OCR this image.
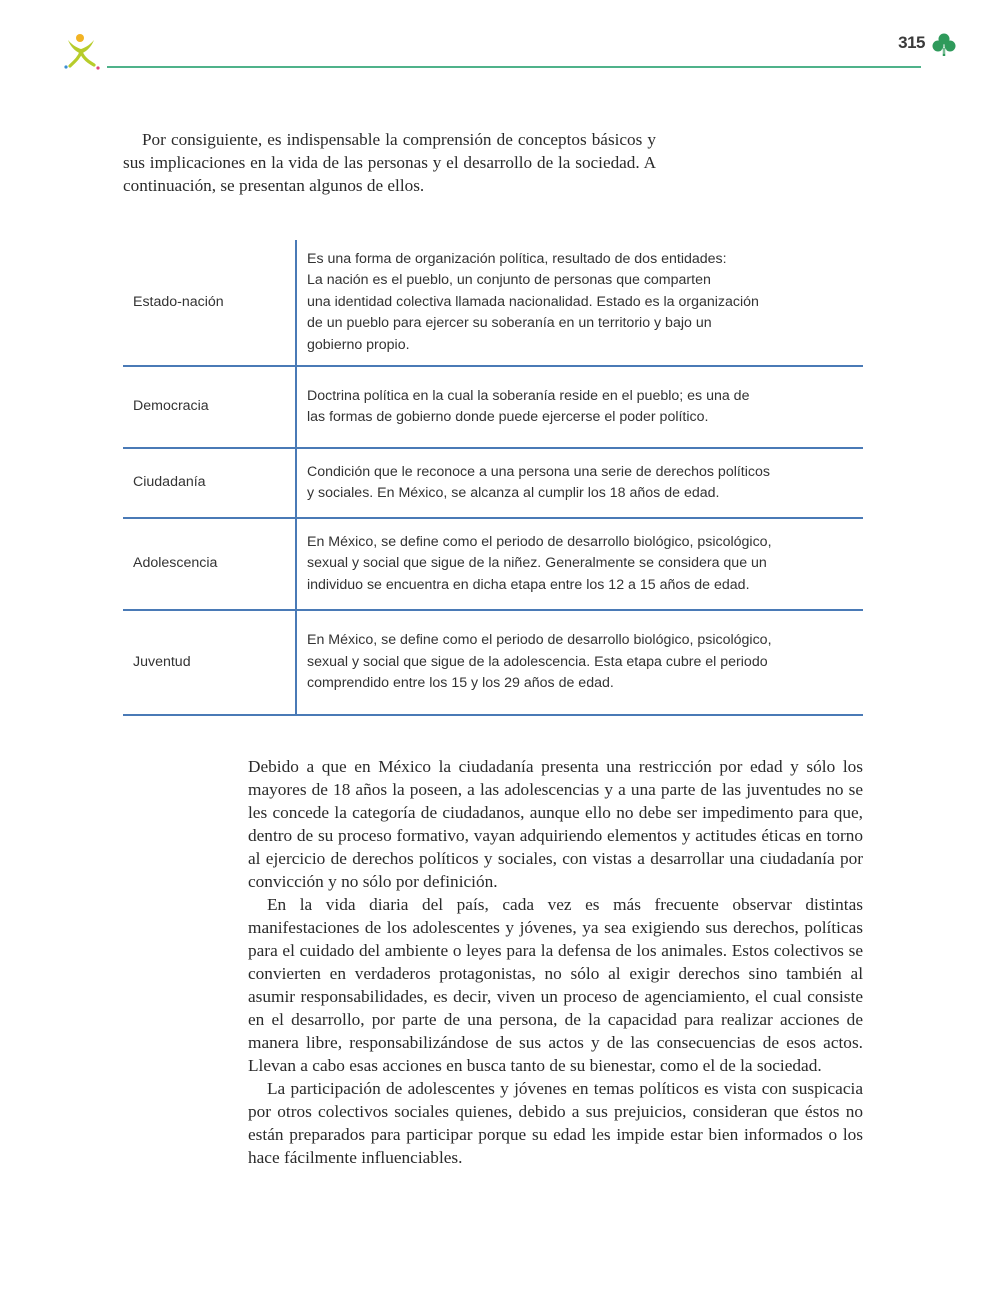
315

Por consiguiente, es indispensable la comprensión de conceptos básicos y sus implicaciones en la vida de las personas y el desarrollo de la sociedad. A continuación, se presentan algunos de ellos.

Estado-nación	Es una forma de organización política, resultado de dos entidades:
La nación es el pueblo, un conjunto de personas que comparten
una identidad colectiva llamada nacionalidad. Estado es la organización
de un pueblo para ejercer su soberanía en un territorio y bajo un
gobierno propio.

Democracia	Doctrina política en la cual la soberanía reside en el pueblo; es una de
las formas de gobierno donde puede ejercerse el poder político.

Ciudadanía	Condición que le reconoce a una persona una serie de derechos políticos
y sociales. En México, se alcanza al cumplir los 18 años de edad.

Adolescencia	En México, se define como el periodo de desarrollo biológico, psicológico,
sexual y social que sigue de la niñez. Generalmente se considera que un
individuo se encuentra en dicha etapa entre los 12 a 15 años de edad.

Juventud	En México, se define como el periodo de desarrollo biológico, psicológico,
sexual y social que sigue de la adolescencia. Esta etapa cubre el periodo
comprendido entre los 15 y los 29 años de edad.

Debido a que en México la ciudadanía presenta una restricción por edad y sólo los mayores de 18 años la poseen, a las adolescencias y a una parte de las juventudes no se les concede la categoría de ciudadanos, aunque ello no debe ser impedimento para que, dentro de su proceso formativo, vayan adquiriendo elementos y actitudes éticas en torno al ejercicio de derechos políticos y sociales, con vistas a desarrollar una ciudadanía por convicción y no sólo por definición.

En la vida diaria del país, cada vez es más frecuente observar distintas manifestaciones de los adolescentes y jóvenes, ya sea exigiendo sus derechos, políticas para el cuidado del ambiente o leyes para la defensa de los animales. Estos colectivos se convierten en verdaderos protagonistas, no sólo al exigir derechos sino también al asumir responsabilidades, es decir, viven un proceso de agenciamiento, el cual consiste en el desarrollo, por parte de una persona, de la capacidad para realizar acciones de manera libre, responsabilizándose de sus actos y de las consecuencias de esos actos. Llevan a cabo esas acciones en busca tanto de su bienestar, como el de la sociedad.

La participación de adolescentes y jóvenes en temas políticos es vista con suspicacia por otros colectivos sociales quienes, debido a sus prejuicios, consideran que éstos no están preparados para participar porque su edad les impide estar bien informados o los hace fácilmente influenciables.
